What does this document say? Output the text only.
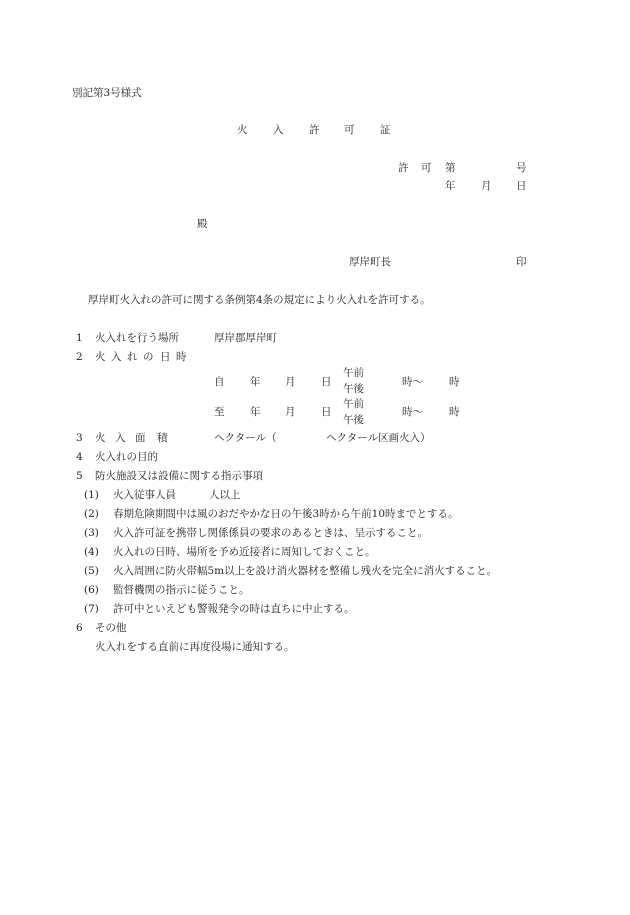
別記第3号様式
火 入 許 可 証
許 可 第	号
年 月 日
殿
厚岸町長	印
厚岸町火入れの許可に関する条例第4条の規定により火入れを許可する。
1 火入れを行う場所	厚岸郡厚岸町
2 火 入 れ の 日 時
自 年 月 日
午前
午後
時〜 時
至 年 月 日
午前
午後
時〜 時
3 火 入 面 積	ヘクタール（	ヘクタール区画火入）
4 火入れの目的
5 防火施設又は設備に関する指示事項
(1) 火入従事人員	人以上
(2) 春期危険期間中は風のおだやかな日の午後3時から午前10時までとする。
(3) 火入許可証を携帯し関係係員の要求のあるときは、呈示すること。
(4) 火入れの日時、場所を予め近接者に周知しておくこと。
(5) 火入周囲に防火帯幅5m以上を設け消火器材を整備し残火を完全に消火すること。
(6) 監督機関の指示に従うこと。
(7) 許可中といえども警報発令の時は直ちに中止する。
6 その他
火入れをする直前に再度役場に通知する。
